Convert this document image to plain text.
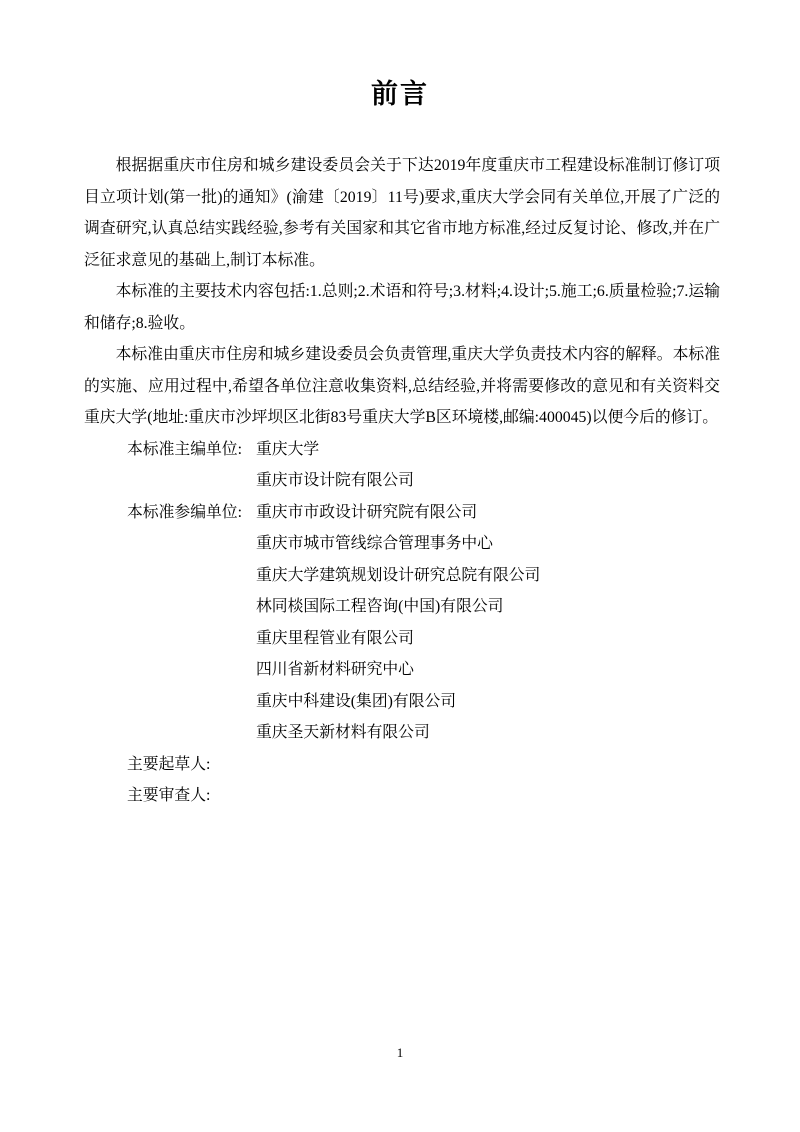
前言

根据据重庆市住房和城乡建设委员会关于下达2019年度重庆市工程建设标准制订修订项目立项计划(第一批)的通知》(渝建〔2019〕11号)要求,重庆大学会同有关单位,开展了广泛的调查研究,认真总结实践经验,参考有关国家和其它省市地方标准,经过反复讨论、修改,并在广泛征求意见的基础上,制订本标准。

本标准的主要技术内容包括:1.总则;2.术语和符号;3.材料;4.设计;5.施工;6.质量检验;7.运输和储存;8.验收。

本标准由重庆市住房和城乡建设委员会负责管理,重庆大学负责技术内容的解释。本标准的实施、应用过程中,希望各单位注意收集资料,总结经验,并将需要修改的意见和有关资料交重庆大学(地址:重庆市沙坪坝区北街83号重庆大学B区环境楼,邮编:400045)以便今后的修订。

本标准主编单位: 重庆大学
重庆市设计院有限公司
本标准参编单位: 重庆市市政设计研究院有限公司
重庆市城市管线综合管理事务中心
重庆大学建筑规划设计研究总院有限公司
林同棪国际工程咨询(中国)有限公司
重庆里程管业有限公司
四川省新材料研究中心
重庆中科建设(集团)有限公司
重庆圣天新材料有限公司
主要起草人:
主要审查人:
1
